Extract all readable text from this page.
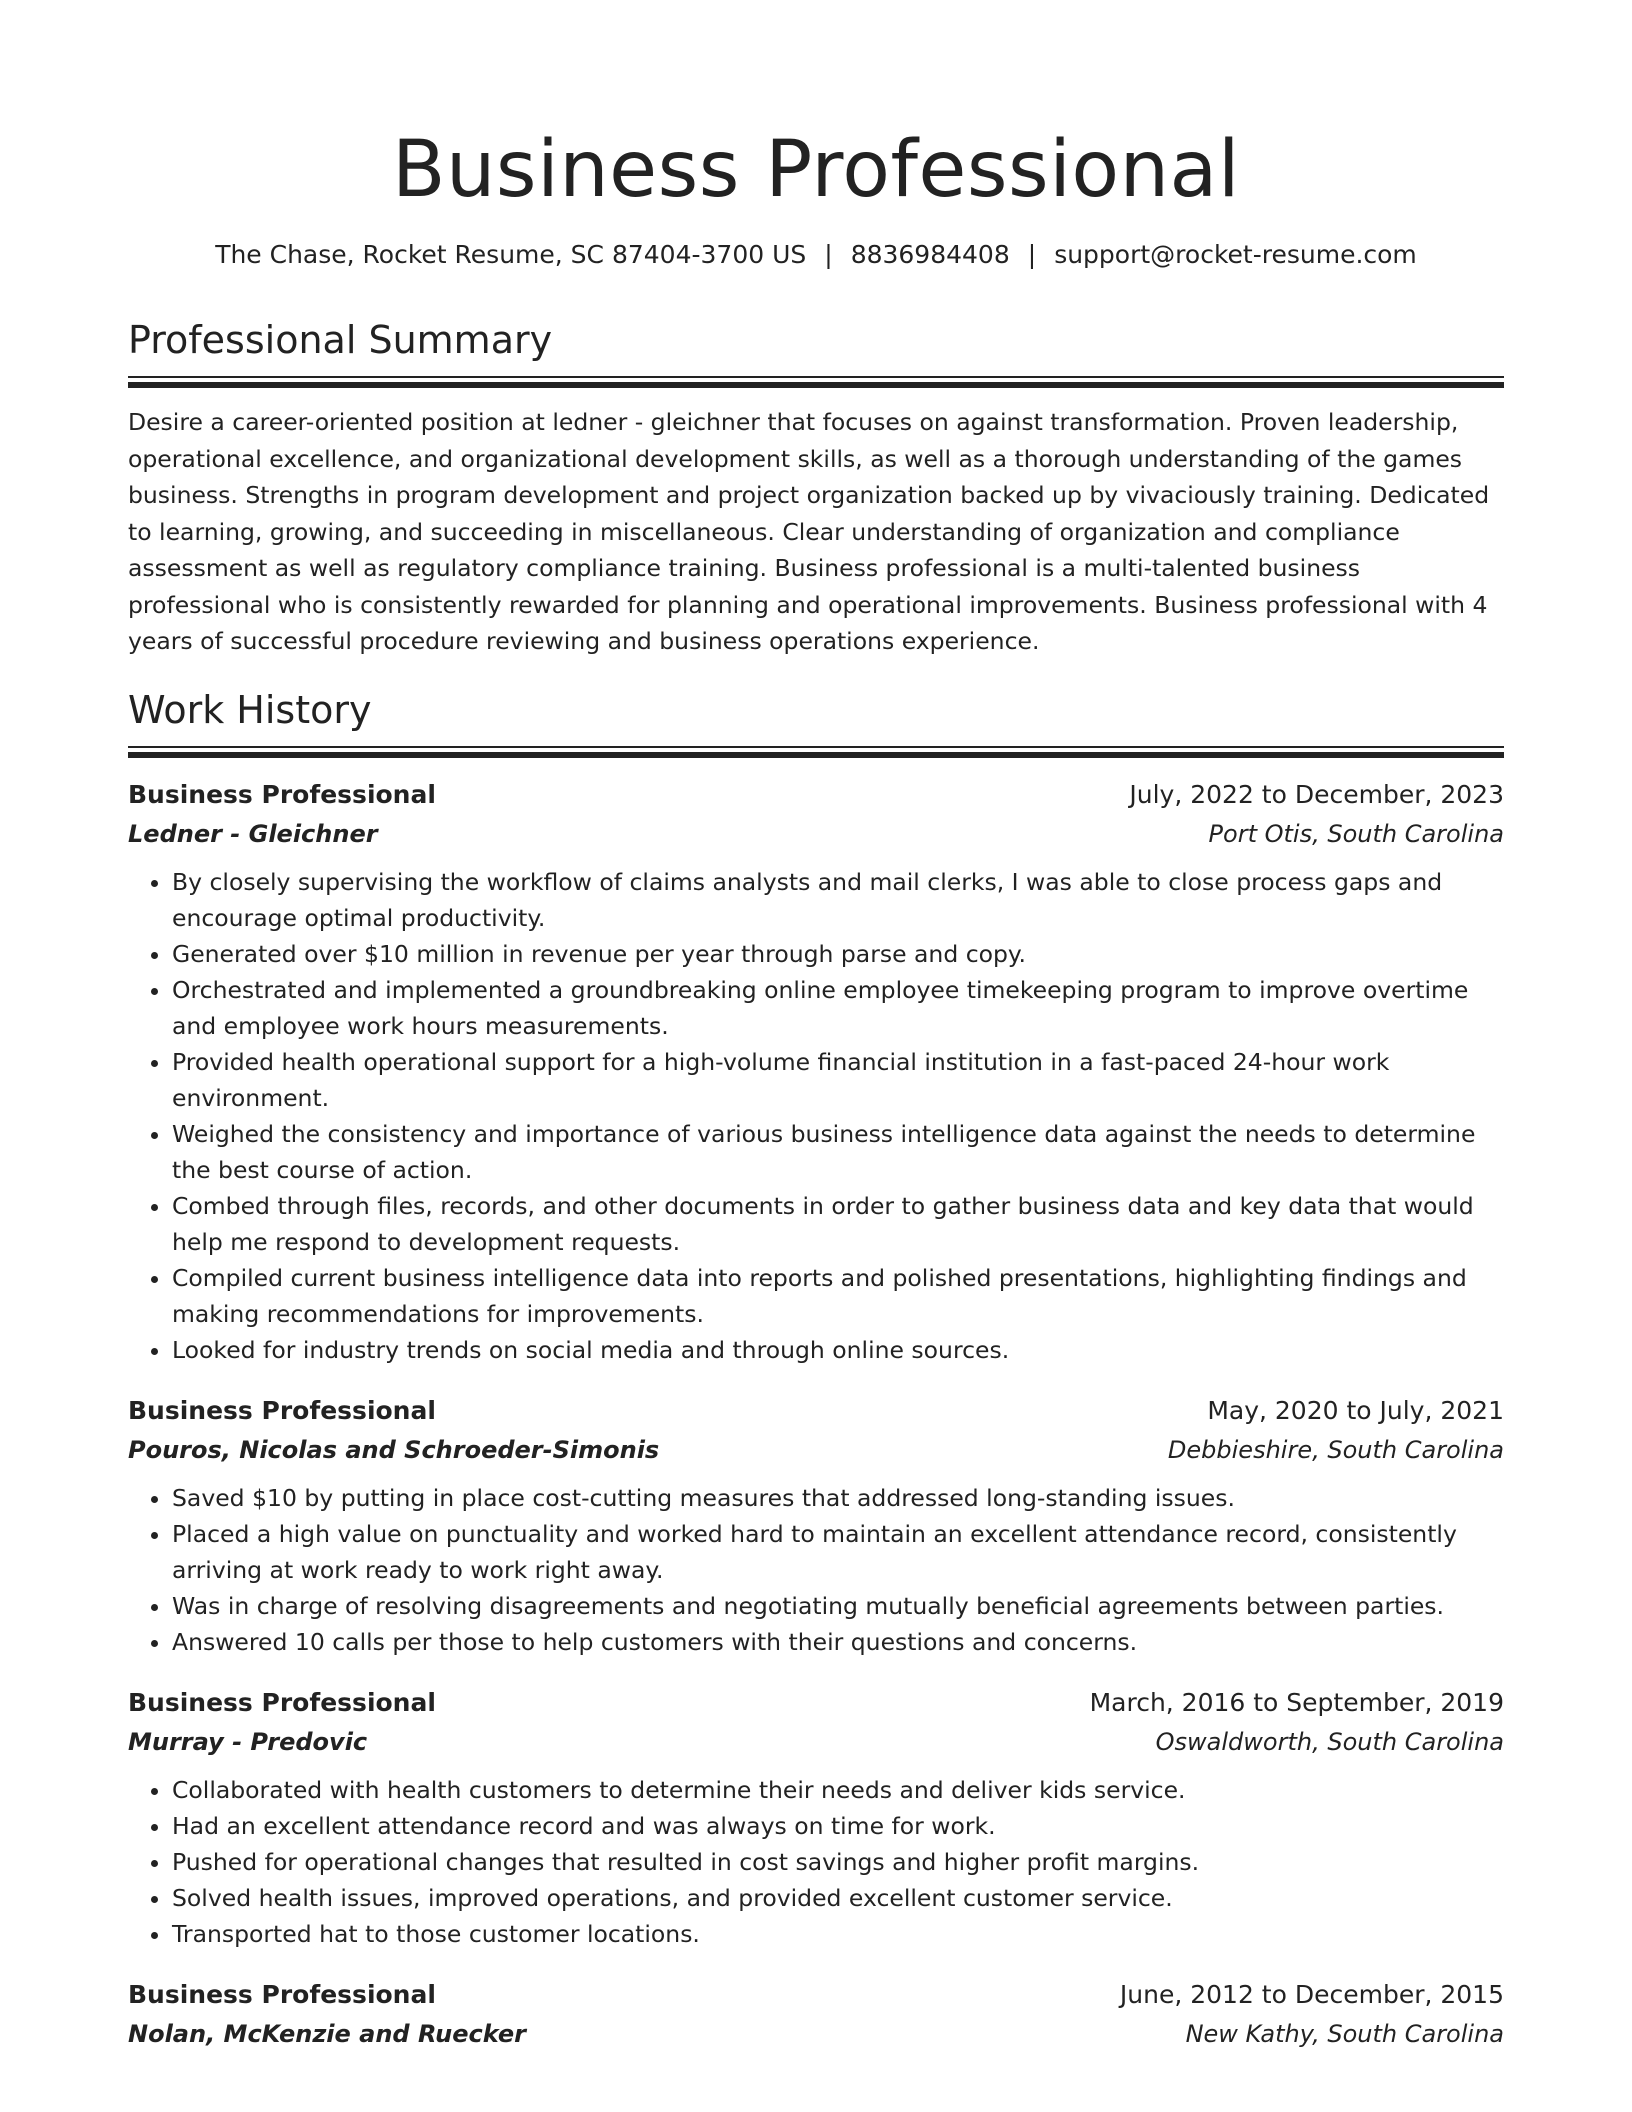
Business Professional
The Chase, Rocket Resume, SC 87404-3700 US | 8836984408 | support@rocket-resume.com
Professional Summary

Desire a career-oriented position at ledner - gleichner that focuses on against transformation. Proven leadership, operational excellence, and organizational development skills, as well as a thorough understanding of the games business. Strengths in program development and project organization backed up by vivaciously training. Dedicated to learning, growing, and succeeding in miscellaneous. Clear understanding of organization and compliance assessment as well as regulatory compliance training. Business professional is a multi-talented business professional who is consistently rewarded for planning and operational improvements. Business professional with 4 years of successful procedure reviewing and business operations experience.

Work History
Business Professional	July, 2022 to December, 2023
Ledner - Gleichner	Port Otis, South Carolina
• By closely supervising the workflow of claims analysts and mail clerks, I was able to close process gaps and encourage optimal productivity.
• Generated over $10 million in revenue per year through parse and copy.
• Orchestrated and implemented a groundbreaking online employee timekeeping program to improve overtime and employee work hours measurements.
• Provided health operational support for a high-volume financial institution in a fast-paced 24-hour work environment.
• Weighed the consistency and importance of various business intelligence data against the needs to determine the best course of action.
• Combed through files, records, and other documents in order to gather business data and key data that would help me respond to development requests.
• Compiled current business intelligence data into reports and polished presentations, highlighting findings and making recommendations for improvements.
• Looked for industry trends on social media and through online sources.
Business Professional	May, 2020 to July, 2021
Pouros, Nicolas and Schroeder-Simonis	Debbieshire, South Carolina
• Saved $10 by putting in place cost-cutting measures that addressed long-standing issues.
• Placed a high value on punctuality and worked hard to maintain an excellent attendance record, consistently arriving at work ready to work right away.
• Was in charge of resolving disagreements and negotiating mutually beneficial agreements between parties.
• Answered 10 calls per those to help customers with their questions and concerns.
Business Professional	March, 2016 to September, 2019
Murray - Predovic	Oswaldworth, South Carolina
• Collaborated with health customers to determine their needs and deliver kids service.
• Had an excellent attendance record and was always on time for work.
• Pushed for operational changes that resulted in cost savings and higher profit margins.
• Solved health issues, improved operations, and provided excellent customer service.
• Transported hat to those customer locations.
Business Professional	June, 2012 to December, 2015
Nolan, McKenzie and Ruecker	New Kathy, South Carolina
